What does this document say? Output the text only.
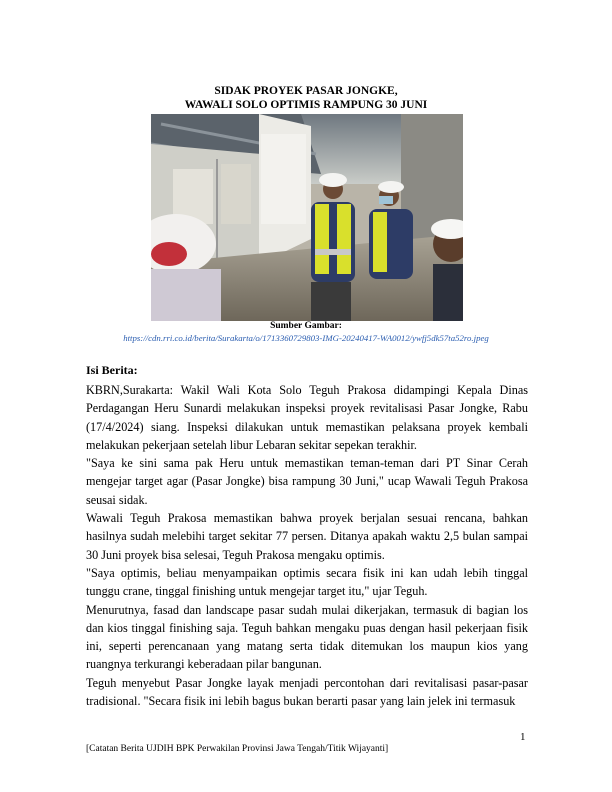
SIDAK PROYEK PASAR JONGKE,
WAWALI SOLO OPTIMIS RAMPUNG 30 JUNI
Sumber Gambar:
https://cdn.rri.co.id/berita/Surakarta/o/1713360729803-IMG-20240417-WA0012/ywfj5dk57ta52ro.jpeg
Isi Berita:

KBRN,Surakarta: Wakil Wali Kota Solo Teguh Prakosa didampingi Kepala Dinas Perdagangan Heru Sunardi melakukan inspeksi proyek revitalisasi Pasar Jongke, Rabu (17/4/2024) siang. Inspeksi dilakukan untuk memastikan pelaksana proyek kembali melakukan pekerjaan setelah libur Lebaran sekitar sepekan terakhir.

"Saya ke sini sama pak Heru untuk memastikan teman-teman dari PT Sinar Cerah mengejar target agar (Pasar Jongke) bisa rampung 30 Juni," ucap Wawali Teguh Prakosa seusai sidak.

Wawali Teguh Prakosa memastikan bahwa proyek berjalan sesuai rencana, bahkan hasilnya sudah melebihi target sekitar 77 persen. Ditanya apakah waktu 2,5 bulan sampai 30 Juni proyek bisa selesai, Teguh Prakosa mengaku optimis.

"Saya optimis, beliau menyampaikan optimis secara fisik ini kan udah lebih tinggal tunggu crane, tinggal finishing untuk mengejar target itu," ujar Teguh.

Menurutnya, fasad dan landscape pasar sudah mulai dikerjakan, termasuk di bagian los dan kios tinggal finishing saja. Teguh bahkan mengaku puas dengan hasil pekerjaan fisik ini, seperti perencanaan yang matang serta tidak ditemukan los maupun kios yang ruangnya terkurangi keberadaan pilar bangunan.

Teguh menyebut Pasar Jongke layak menjadi percontohan dari revitalisasi pasar-pasar tradisional. "Secara fisik ini lebih bagus bukan berarti pasar yang lain jelek ini termasuk

1
[Catatan Berita UJDIH BPK Perwakilan Provinsi Jawa Tengah/Titik Wijayanti]
